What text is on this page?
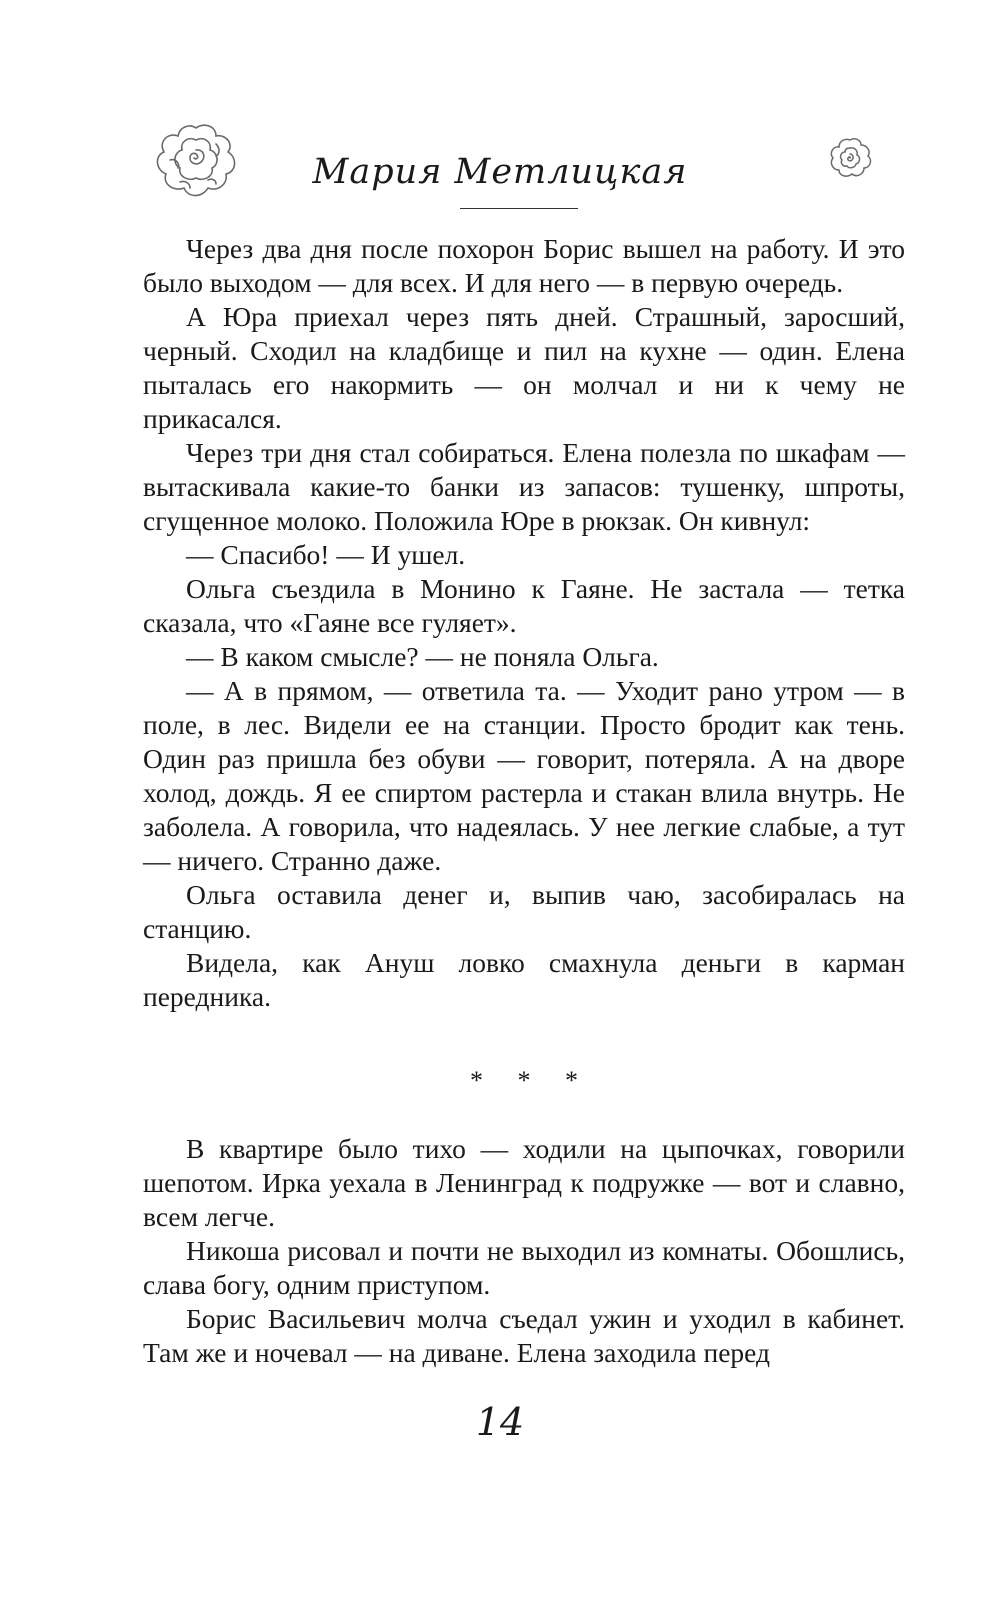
Мария Метлицкая

Через два дня после похорон Борис вышел на работу. И это было выходом — для всех. И для него — в первую очередь.

А Юра приехал через пять дней. Страшный, заросший, черный. Сходил на кладбище и пил на кухне — один. Елена пыталась его накормить — он молчал и ни к чему не прикасался.

Через три дня стал собираться. Елена полезла по шкафам — вытаскивала какие-то банки из запасов: тушенку, шпроты, сгущенное молоко. Положила Юре в рюкзак. Он кивнул:

— Спасибо! — И ушел.

Ольга съездила в Монино к Гаяне. Не застала — тетка сказала, что «Гаяне все гуляет».

— В каком смысле? — не поняла Ольга.

— А в прямом, — ответила та. — Уходит рано утром — в поле, в лес. Видели ее на станции. Просто бродит как тень. Один раз пришла без обуви — говорит, потеряла. А на дворе холод, дождь. Я ее спиртом растерла и стакан влила внутрь. Не заболела. А говорила, что надеялась. У нее легкие слабые, а тут — ничего. Странно даже.

Ольга оставила денег и, выпив чаю, засобиралась на станцию.

Видела, как Ануш ловко смахнула деньги в карман передника.

* * *

В квартире было тихо — ходили на цыпочках, говорили шепотом. Ирка уехала в Ленинград к подружке — вот и славно, всем легче.

Никоша рисовал и почти не выходил из комнаты. Обошлись, слава богу, одним приступом.

Борис Васильевич молча съедал ужин и уходил в кабинет. Там же и ночевал — на диване. Елена заходила перед

14
